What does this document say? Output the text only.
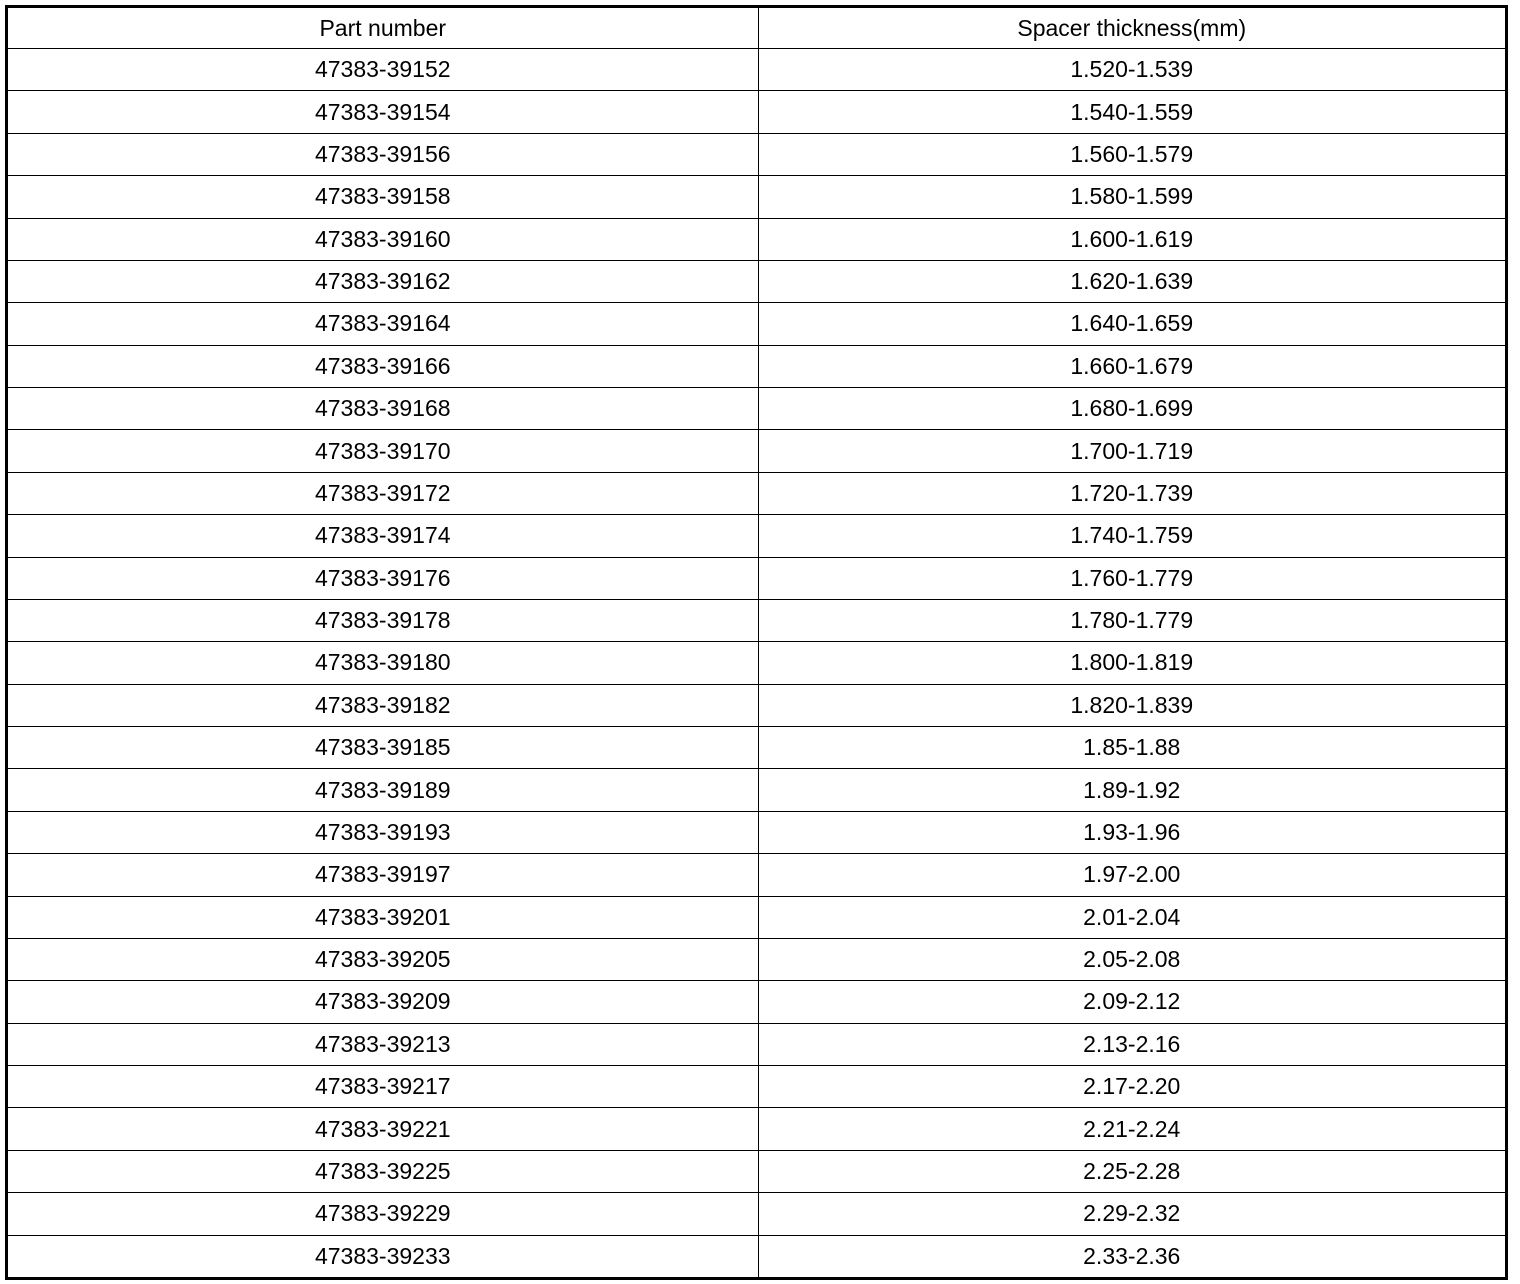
Part number	Spacer thickness(mm)
47383-39152	1.520-1.539
47383-39154	1.540-1.559
47383-39156	1.560-1.579
47383-39158	1.580-1.599
47383-39160	1.600-1.619
47383-39162	1.620-1.639
47383-39164	1.640-1.659
47383-39166	1.660-1.679
47383-39168	1.680-1.699
47383-39170	1.700-1.719
47383-39172	1.720-1.739
47383-39174	1.740-1.759
47383-39176	1.760-1.779
47383-39178	1.780-1.779
47383-39180	1.800-1.819
47383-39182	1.820-1.839
47383-39185	1.85-1.88
47383-39189	1.89-1.92
47383-39193	1.93-1.96
47383-39197	1.97-2.00
47383-39201	2.01-2.04
47383-39205	2.05-2.08
47383-39209	2.09-2.12
47383-39213	2.13-2.16
47383-39217	2.17-2.20
47383-39221	2.21-2.24
47383-39225	2.25-2.28
47383-39229	2.29-2.32
47383-39233	2.33-2.36
